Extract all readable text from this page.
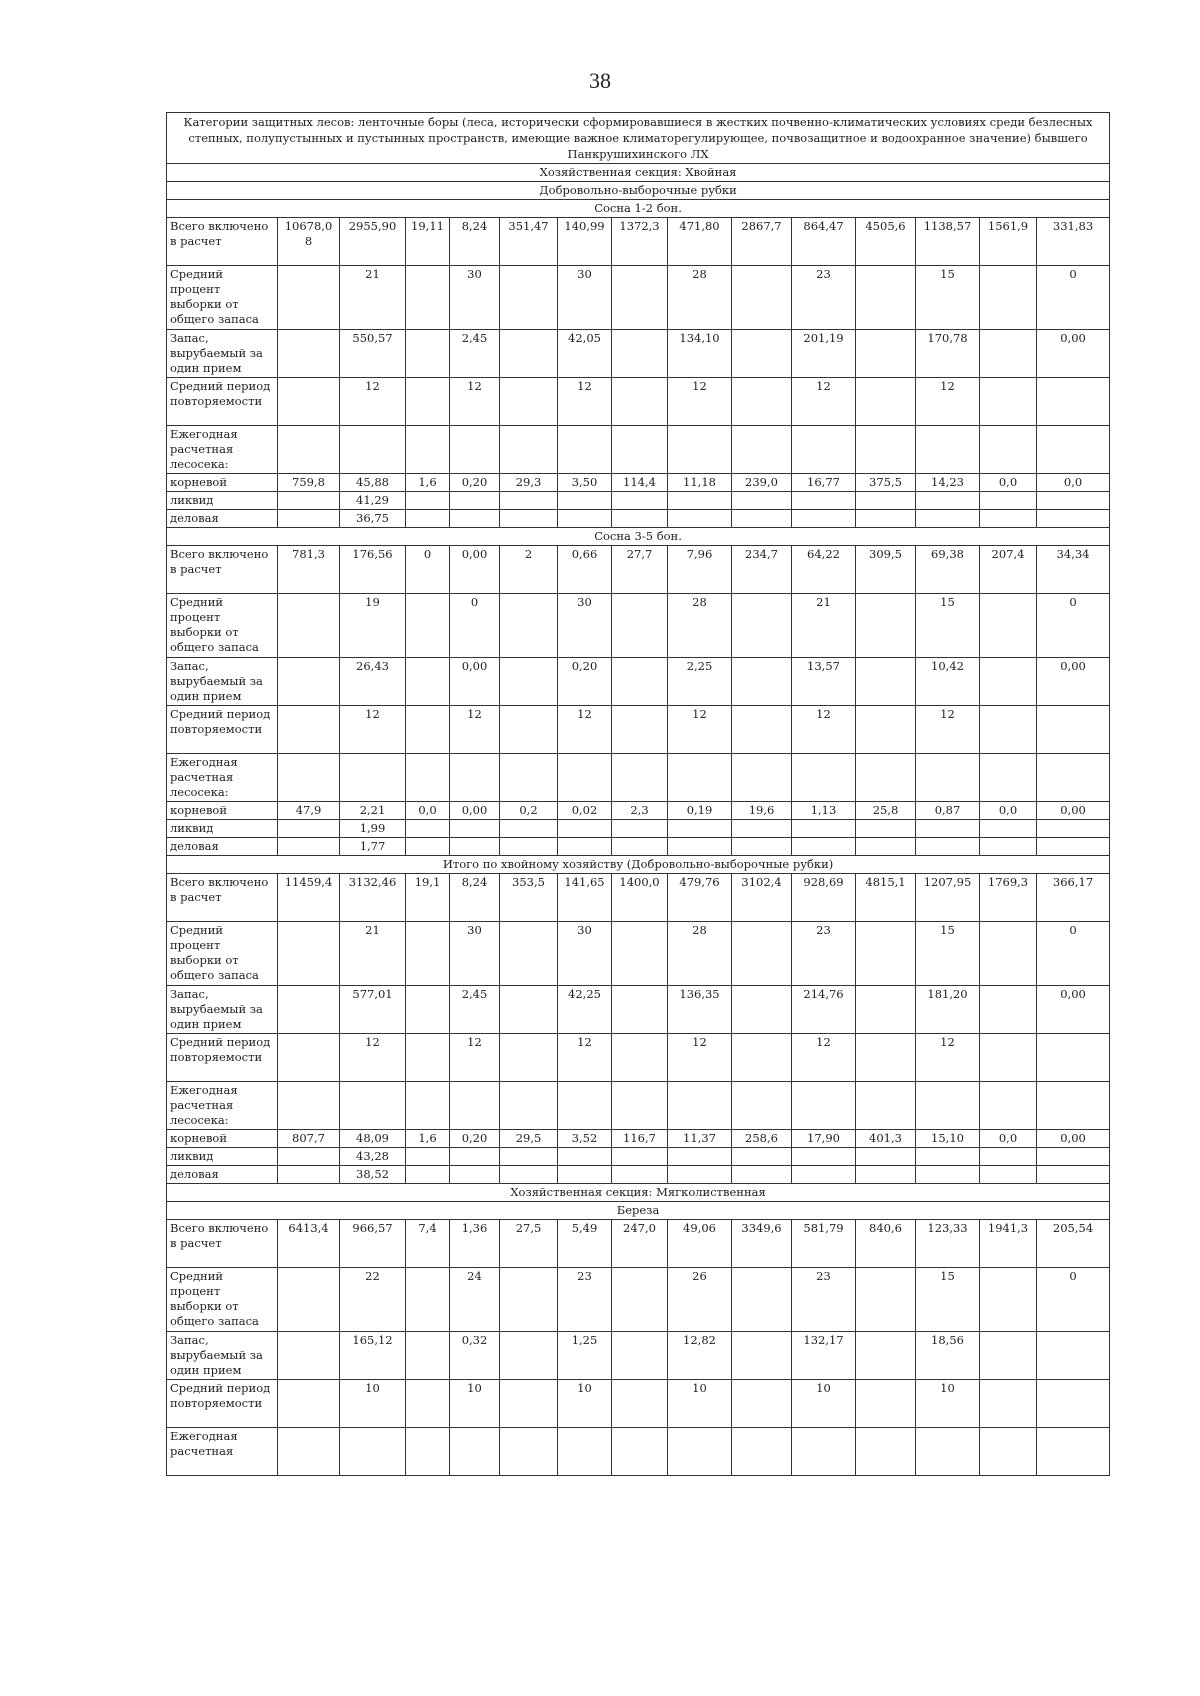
38
Категории защитных лесов: ленточные боры (леса, исторически сформировавшиеся в жестких почвенно-климатических условиях среди безлесных степных, полупустынных и пустынных пространств, имеющие важное климаторегулирующее, почвозащитное и водоохранное значение) бывшего Панкрушихинского ЛХ														
Хозяйственная секция: Хвойная														
Добровольно-выборочные рубки														
Сосна 1-2 бон.														
Всего включено в расчет	10678,0 8	2955,90	19,11	8,24	351,47	140,99	1372,3	471,80	2867,7	864,47	4505,6	1138,57	1561,9	331,83
Средний процент выборки от общего запаса		21		30		30		28		23		15		0
Запас, вырубаемый за один прием		550,57		2,45		42,05		134,10		201,19		170,78		0,00
Средний период повторяемости		12		12		12		12		12		12		
Ежегодная расчетная лесосека:														
корневой	759,8	45,88	1,6	0,20	29,3	3,50	114,4	11,18	239,0	16,77	375,5	14,23	0,0	0,0
ликвид		41,29												
деловая		36,75												
Сосна 3-5 бон.														
Всего включено в расчет	781,3	176,56	0	0,00	2	0,66	27,7	7,96	234,7	64,22	309,5	69,38	207,4	34,34
Средний процент выборки от общего запаса		19		0		30		28		21		15		0
Запас, вырубаемый за один прием		26,43		0,00		0,20		2,25		13,57		10,42		0,00
Средний период повторяемости		12		12		12		12		12		12		
Ежегодная расчетная лесосека:														
корневой	47,9	2,21	0,0	0,00	0,2	0,02	2,3	0,19	19,6	1,13	25,8	0,87	0,0	0,00
ликвид		1,99												
деловая		1,77												
Итого по хвойному хозяйству (Добровольно-выборочные рубки)														
Всего включено в расчет	11459,4	3132,46	19,1	8,24	353,5	141,65	1400,0	479,76	3102,4	928,69	4815,1	1207,95	1769,3	366,17
Средний процент выборки от общего запаса		21		30		30		28		23		15		0
Запас, вырубаемый за один прием		577,01		2,45		42,25		136,35		214,76		181,20		0,00
Средний период повторяемости		12		12		12		12		12		12		
Ежегодная расчетная лесосека:														
корневой	807,7	48,09	1,6	0,20	29,5	3,52	116,7	11,37	258,6	17,90	401,3	15,10	0,0	0,00
ликвид		43,28												
деловая		38,52												
Хозяйственная секция: Мягколиственная														
Береза														
Всего включено в расчет	6413,4	966,57	7,4	1,36	27,5	5,49	247,0	49,06	3349,6	581,79	840,6	123,33	1941,3	205,54
Средний процент выборки от общего запаса		22		24		23		26		23		15		0
Запас, вырубаемый за один прием		165,12		0,32		1,25		12,82		132,17		18,56		
Средний период повторяемости		10		10		10		10		10		10		
Ежегодная расчетная														
